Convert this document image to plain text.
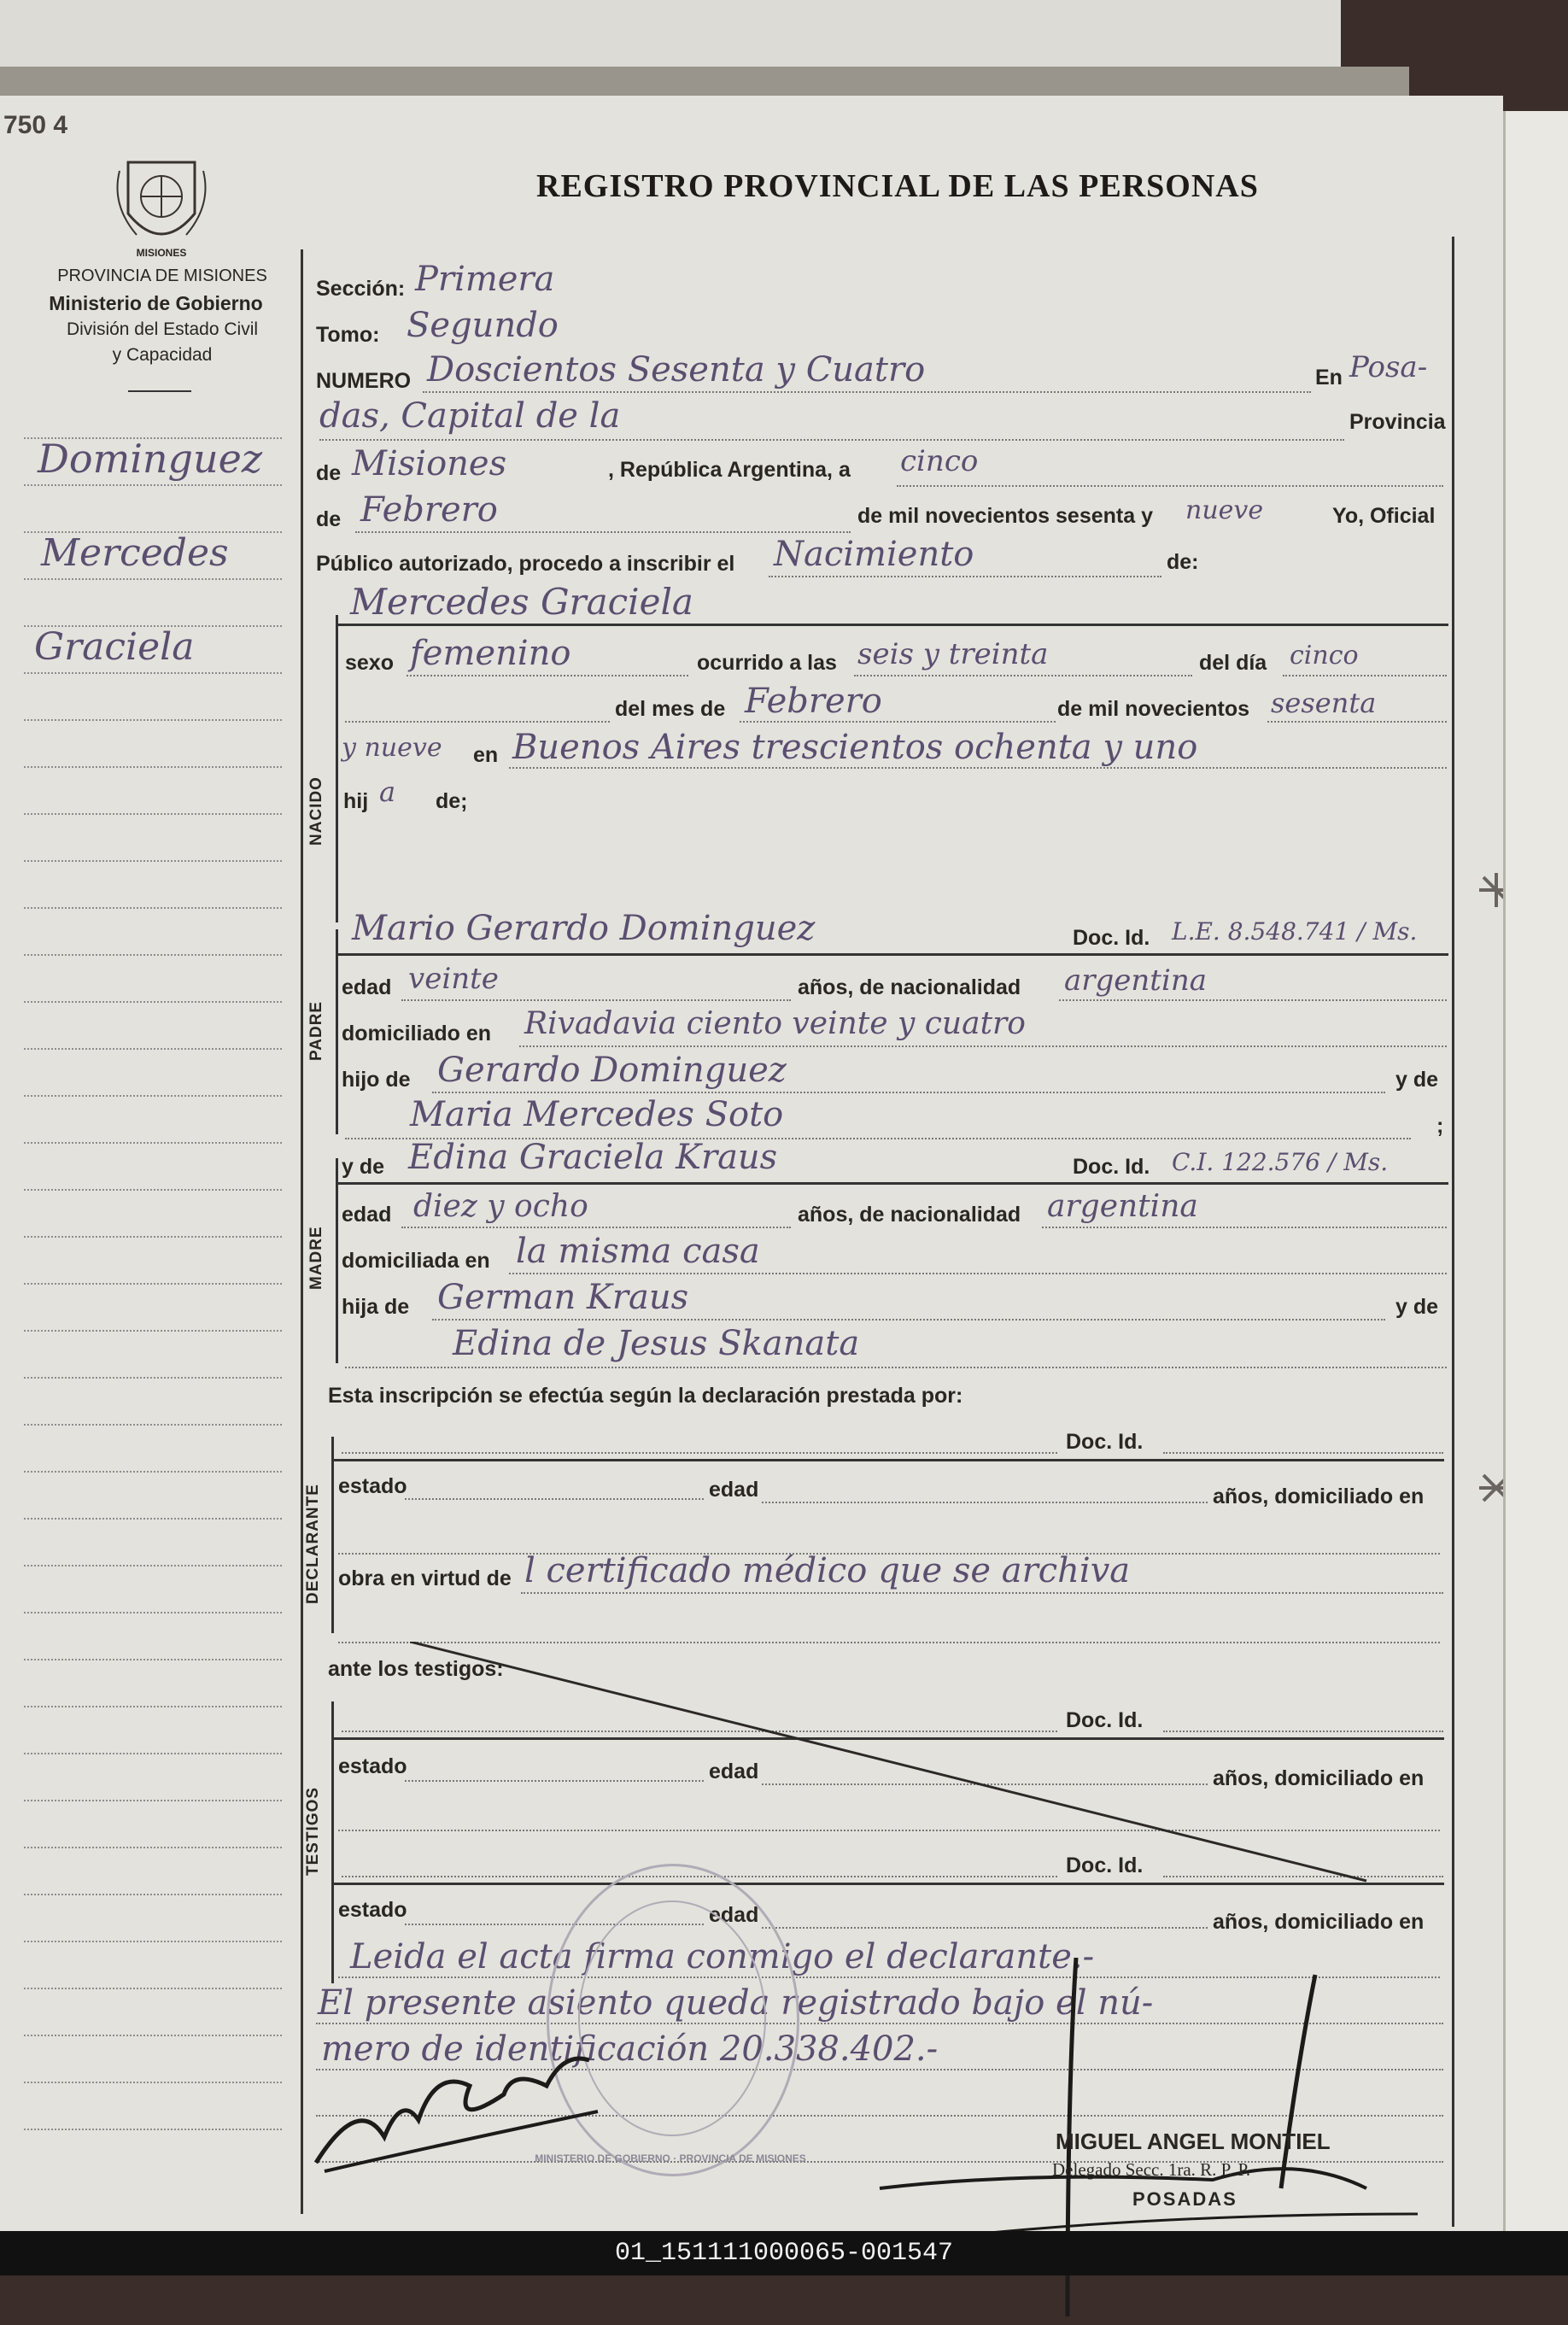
750 4
MISIONES
PROVINCIA DE MISIONES
Ministerio de Gobierno
División del Estado Civil
y Capacidad
REGISTRO PROVINCIAL DE LAS PERSONAS
Dominguez
Mercedes
Graciela
Sección: Primera
Tomo: Segundo
NUMERO Doscientos Sesenta y Cuatro	En Posa-
das, Capital de la	Provincia
de Misiones	, República Argentina, a cinco
de Febrero	de mil novecientos sesenta y nueve	Yo, Oficial
Público autorizado, procedo a inscribir el Nacimiento	de:
NACIDO
Mercedes Graciela
sexo femenino	ocurrido a las seis y treinta	del día cinco
del mes de Febrero	de mil novecientos sesenta
y nueve en Buenos Aires trescientos ochenta y uno
hij a de;
PADRE
Mario Gerardo Dominguez	Doc. Id. L.E. 8.548.741 / Ms.
edad veinte	años, de nacionalidad argentina
domiciliado en Rivadavia ciento veinte y cuatro
hijo de Gerardo Dominguez	y de
Maria Mercedes Soto	;
MADRE
y de Edina Graciela Kraus	Doc. Id. C.I. 122.576 / Ms.
edad diez y ocho	años, de nacionalidad argentina
domiciliada en la misma casa
hija de German Kraus	y de
Edina de Jesus Skanata
Esta inscripción se efectúa según la declaración prestada por:
DECLARANTE
Doc. Id.
estado	edad	años, domiciliado en
obra en virtud de l certificado médico que se archiva
ante los testigos:
TESTIGOS
Doc. Id.
estado	edad	años, domiciliado en
Doc. Id.
estado	edad	años, domiciliado en
Leida el acta firma conmigo el declarante.-
El presente asiento queda registrado bajo el nú-
mero de identificación 20.338.402.-
MINISTERIO DE GOBIERNO · PROVINCIA DE MISIONES
MIGUEL ANGEL MONTIEL
Delegado Secc. 1ra. R. P. P.
POSADAS
01_151111000065-001547
